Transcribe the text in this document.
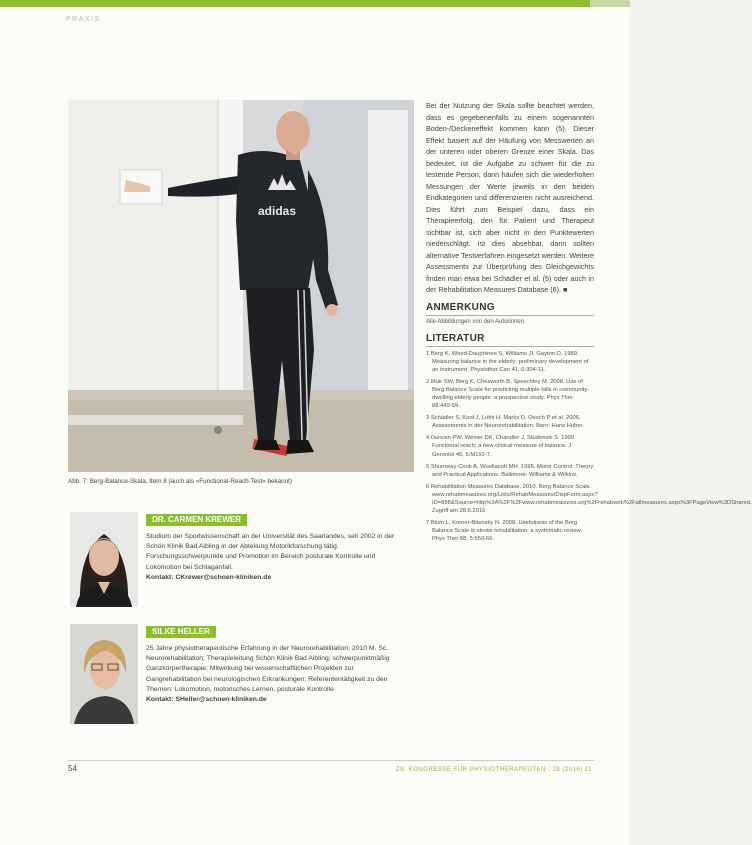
PRAXIS
adidas
Abb. 7: Berg-Balance-Skala, Item 8 (auch als »Functional-Reach-Test« bekannt)
DR. CARMEN KREWER
Studium der Sportwissenschaft an der Universität des Saarlandes, seit 2002 in der Schön Klinik Bad Aibling in der Abteilung Motorikforschung tätig. Forschungsschwerpunkte und Promotion im Bereich posturale Kontrolle und Lokomotion bei Schlaganfall.
Kontakt: CKrewer@schoen-kliniken.de
SILKE HELLER
25 Jahre physiotherapeutische Erfahrung in der Neurorehabilitation; 2010 M. Sc. Neurorehabilitation; Therapieleitung Schön Klinik Bad Aibling; schwerpunktmäßig Ganzkörpertherapie; Mitwirkung bei wissenschaftlichen Projekten zur Gangrehabilitation bei neurologischen Erkrankungen; Referententätigkeit zu den Themen: Lokomotion, motorisches Lernen, posturale Kontrolle.
Kontakt: SHeller@schoen-kliniken.de
Bei der Nutzung der Skala sollte beachtet werden, dass es gegebenenfalls zu einem sogenannten Boden-/Deckeneffekt kommen kann (5). Dieser Effekt basiert auf der Häufung von Messwerten an der unteren oder oberen Grenze einer Skala. Das bedeutet, ist die Aufgabe zu schwer für die zu testende Person, dann häufen sich die wiederholten Messungen der Werte jeweils in den beiden Endkategorien und differenzieren nicht ausreichend. Dies führt zum Beispiel dazu, dass ein Therapieerfolg, den für Patient und Therapeut sichtbar ist, sich aber nicht in den Punktewerten niederschlägt. Ist dies absehbar, dann sollten alternative Testverfahren eingesetzt werden. Weitere Assessments zur Überprüfung des Gleichgewichts finden man etwa bei Schädler et al. (5) oder auch in der Rehabilitation Measures Database (6). ■
ANMERKUNG
Alle Abbildungen von den Autorinnen.
LITERATUR
1 Berg K, Wood-Dauphinee S, Williams JI, Gayton D. 1989. Measuring balance in the elderly: preliminary development of an instrument. Physiother Can 41, 6:304-11.
2 Muir SW, Berg K, Chesworth B, Speechley M. 2008. Use of Berg Balance Scale for predicting multiple falls in community-dwelling elderly people: a prospective study. Phys Ther 88:449-59.
3 Schädler S, Kool J, Lüthi H, Marks D, Oesch P et al. 2006. Assessments in der Neurorehabilitation. Bern: Hans Huber.
4 Duncan PW, Weiner DK, Chandler J, Studenski S. 1990. Functional reach: a new clinical measure of balance. J Gerontol 45, 6:M192-7.
5 Shumway-Cook A, Woollacott MH. 1995. Motor Control: Theory and Practical Applications. Baltimore: Williams & Wilkins.
6 Rehabilitation Measures Database. 2010. Berg Balance Scale. www.rehabmeasures.org/Lists/RehabMeasures/DispForm.aspx?ID=888&Source=http%3A%2F%2Fwww.rehabmeasures.org%2Frehabweb%2Fallmeasures.aspx%3FPageView%3DShared. Zugriff am 28.6.2016
7 Blum L, Korner-Bitensky N. 2008. Usefulness of the Berg Balance Scale in stroke rehabilitation: a systematic review. Phys Ther 88, 5:559-66.
54	ZS. KONGRESSE FÜR PHYSIOTHERAPEUTEN · 28 (2016) 11
